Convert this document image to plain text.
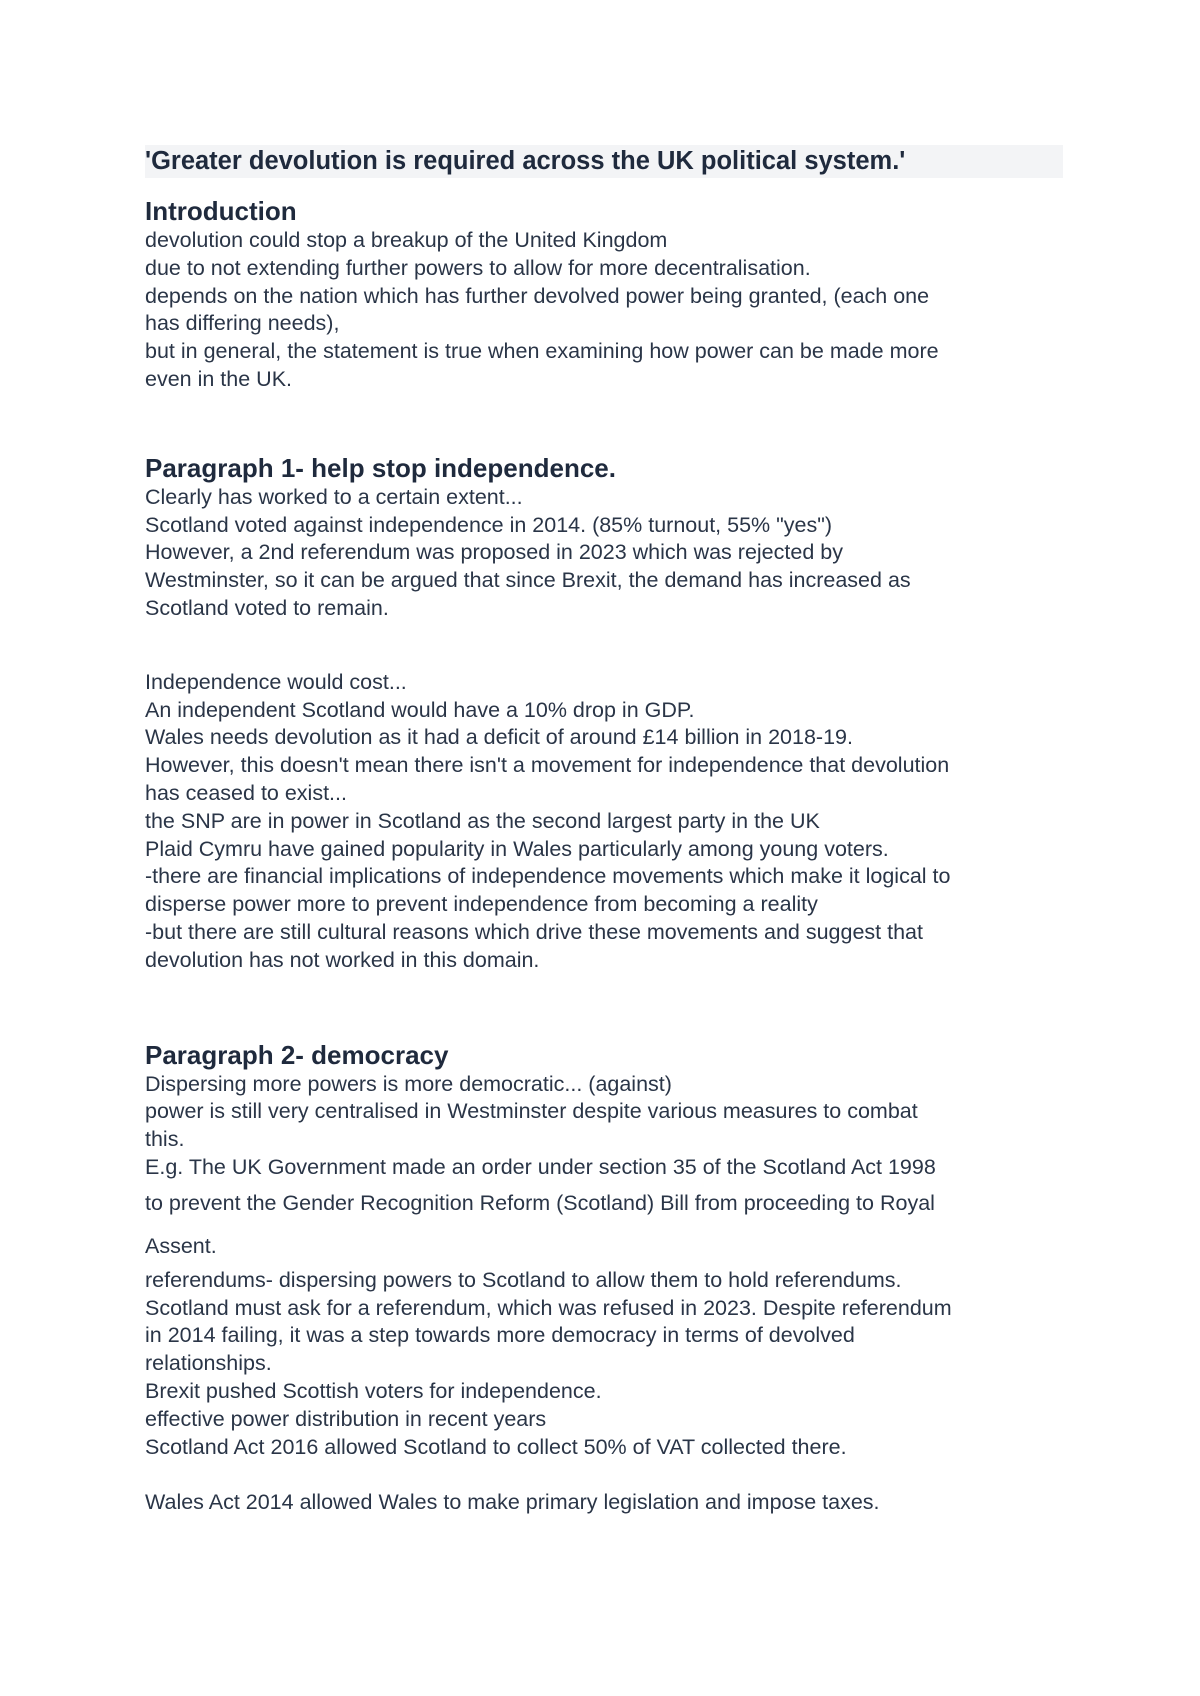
'Greater devolution is required across the UK political system.'
Introduction
devolution could stop a breakup of the United Kingdom
due to not extending further powers to allow for more decentralisation.
depends on the nation which has further devolved power being granted, (each one
has differing needs),
but in general, the statement is true when examining how power can be made more
even in the UK.
Paragraph 1- help stop independence.
Clearly has worked to a certain extent...
Scotland voted against independence in 2014. (85% turnout, 55% "yes")
However, a 2nd referendum was proposed in 2023 which was rejected by
Westminster, so it can be argued that since Brexit, the demand has increased as
Scotland voted to remain.
Independence would cost...
An independent Scotland would have a 10% drop in GDP.
Wales needs devolution as it had a deficit of around £14 billion in 2018-19.
However, this doesn't mean there isn't a movement for independence that devolution
has ceased to exist...
the SNP are in power in Scotland as the second largest party in the UK
Plaid Cymru have gained popularity in Wales particularly among young voters.
-there are financial implications of independence movements which make it logical to
disperse power more to prevent independence from becoming a reality
-but there are still cultural reasons which drive these movements and suggest that
devolution has not worked in this domain.
Paragraph 2- democracy
Dispersing more powers is more democratic... (against)
power is still very centralised in Westminster despite various measures to combat
this.
E.g. The UK Government made an order under section 35 of the Scotland Act 1998
to prevent the Gender Recognition Reform (Scotland) Bill from proceeding to Royal
Assent.
referendums- dispersing powers to Scotland to allow them to hold referendums.
Scotland must ask for a referendum, which was refused in 2023. Despite referendum
in 2014 failing, it was a step towards more democracy in terms of devolved
relationships.
Brexit pushed Scottish voters for independence.
effective power distribution in recent years
Scotland Act 2016 allowed Scotland to collect 50% of VAT collected there.
Wales Act 2014 allowed Wales to make primary legislation and impose taxes.
